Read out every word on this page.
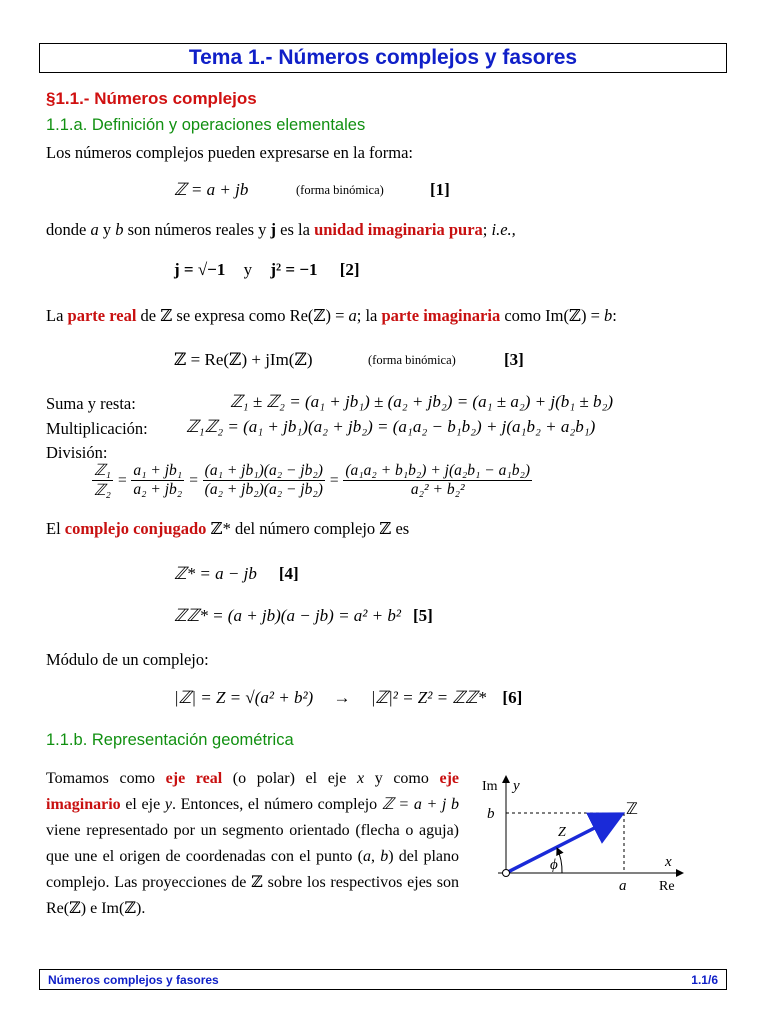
Tema 1.- Números complejos y fasores
§1.1.- Números complejos
1.1.a. Definición y operaciones elementales
Los números complejos pueden expresarse en la forma:
ℤ = a + jb	(forma binómica)	[1]
donde a y b son números reales y j es la unidad imaginaria pura; i.e.,
j = √−1 y j² = −1 [2]
La parte real de ℤ se expresa como Re(ℤ) = a; la parte imaginaria como Im(ℤ) = b:
ℤ = Re(ℤ) + jIm(ℤ)	(forma binómica)	[3]
Suma y resta:	ℤ₁ ± ℤ₂ = (a₁ + jb₁) ± (a₂ + jb₂) = (a₁ ± a₂) + j(b₁ ± b₂)
Multiplicación: ℤ₁ℤ₂ = (a₁ + jb₁)(a₂ + jb₂) = (a₁a₂ − b₁b₂) + j(a₁b₂ + a₂b₁)
División:
$\frac{\text{ℤ₁}}{\text{ℤ₂}} = \frac{\text{a₁ + jb₁}}{\text{a₂ + jb₂}} = \frac{\text{(a₁ + jb₁)(a₂ − jb₂)}}{\text{(a₂ + jb₂)(a₂ − jb₂)}} = \frac{\text{(a₁a₂ + b₁b₂) + j(a₂b₁ − a₁b₂)}}{\text{a₂² + b₂²}}$
El complejo conjugado ℤ* del número complejo ℤ es
ℤ* = a − jb [4]
ℤℤ* = (a + jb)(a − jb) = a² + b² [5]
Módulo de un complejo:
|ℤ| = Z = √(a² + b²) → |ℤ|² = Z² = ℤℤ* [6]
1.1.b. Representación geométrica
Tomamos como eje real (o polar) el eje x y como eje imaginario el eje y. Entonces, el número complejo ℤ = a + j b viene representado por un segmento orientado (flecha o aguja) que une el origen de coordenadas con el punto (a, b) del plano complejo. Las proyecciones de ℤ sobre los respectivos ejes son Re(ℤ) e Im(ℤ).
Im y
b	ℤ
Z
ϕ	x
a Re
Números complejos y fasores	1.1/6
